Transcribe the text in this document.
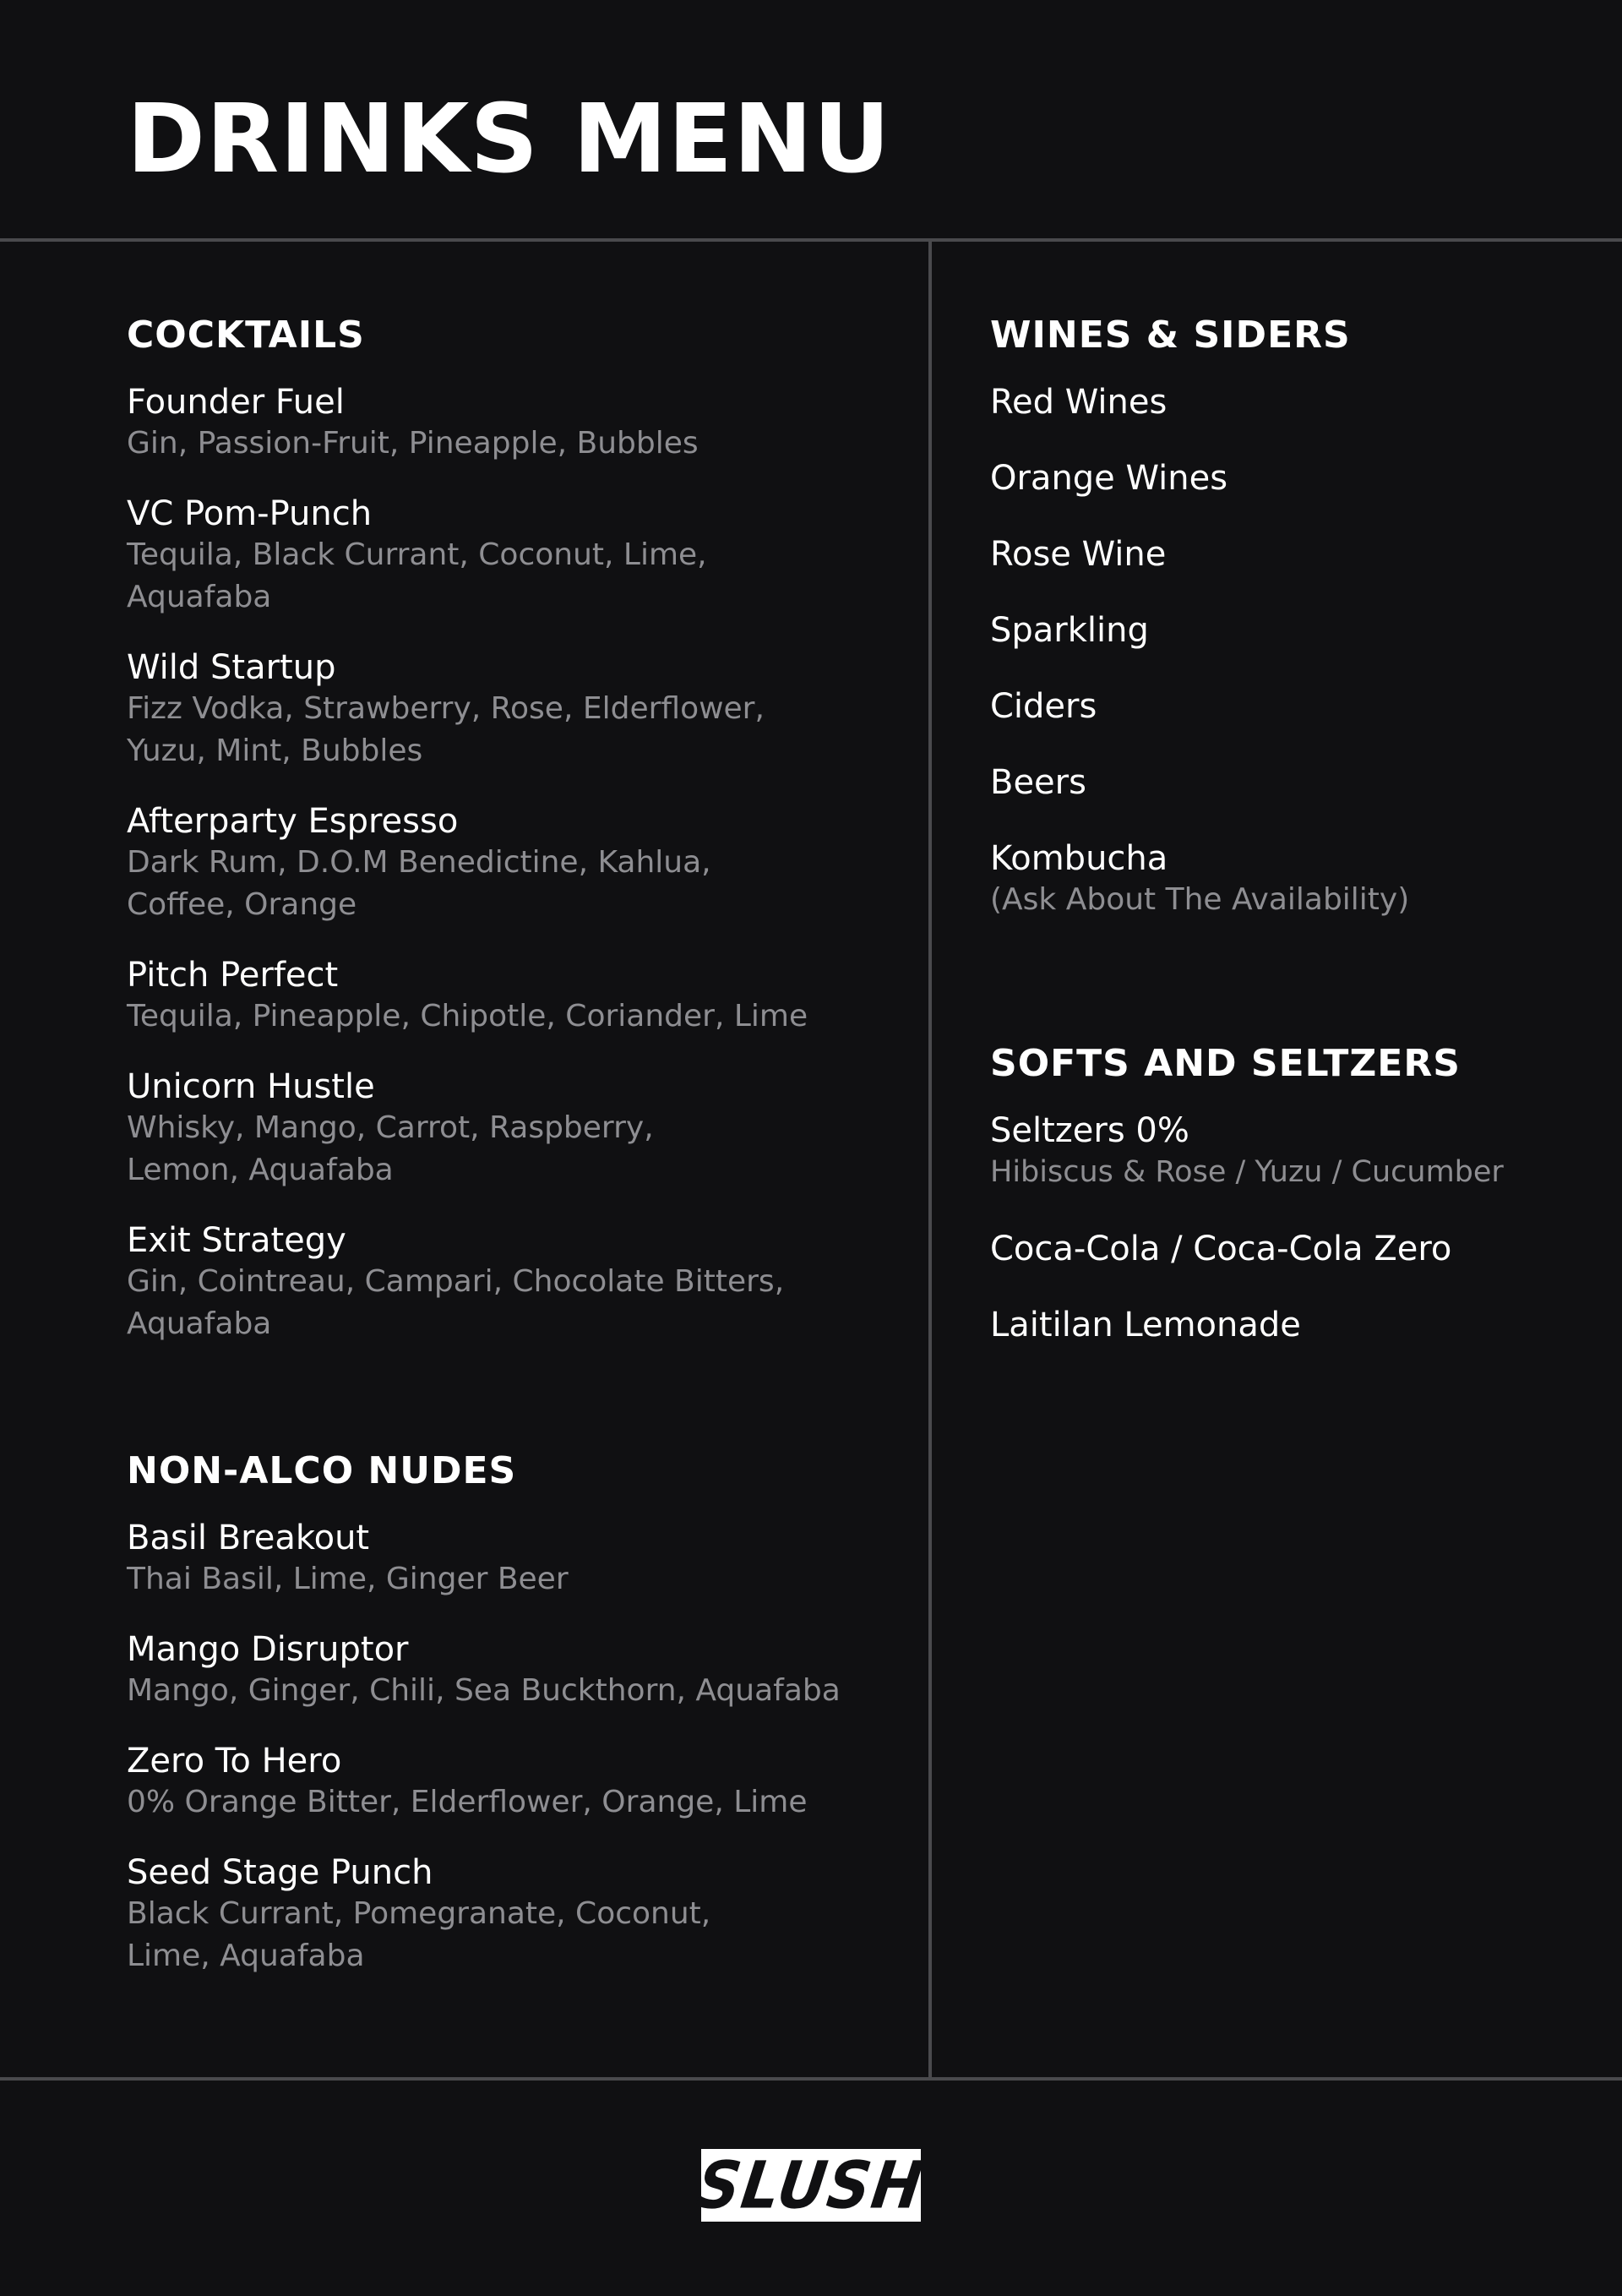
DRINKS MENU
COCKTAILS
Founder Fuel
Gin, Passion-Fruit, Pineapple, Bubbles
VC Pom-Punch
Tequila, Black Currant, Coconut, Lime, Aquafaba
Wild Startup
Fizz Vodka, Strawberry, Rose, Elderflower, Yuzu, Mint, Bubbles
Afterparty Espresso
Dark Rum, D.O.M Benedictine, Kahlua, Coffee, Orange
Pitch Perfect
Tequila, Pineapple, Chipotle, Coriander, Lime
Unicorn Hustle
Whisky, Mango, Carrot, Raspberry, Lemon, Aquafaba
Exit Strategy
Gin, Cointreau, Campari, Chocolate Bitters, Aquafaba
NON-ALCO NUDES
Basil Breakout
Thai Basil, Lime, Ginger Beer
Mango Disruptor
Mango, Ginger, Chili, Sea Buckthorn, Aquafaba
Zero To Hero
0% Orange Bitter, Elderflower, Orange, Lime
Seed Stage Punch
Black Currant, Pomegranate, Coconut, Lime, Aquafaba
WINES & SIDERS
Red Wines
Orange Wines
Rose Wine
Sparkling
Ciders
Beers
Kombucha
(Ask About The Availability)
SOFTS AND SELTZERS
Seltzers 0%
Hibiscus & Rose / Yuzu / Cucumber
Coca-Cola / Coca-Cola Zero
Laitilan Lemonade
SLUSH
